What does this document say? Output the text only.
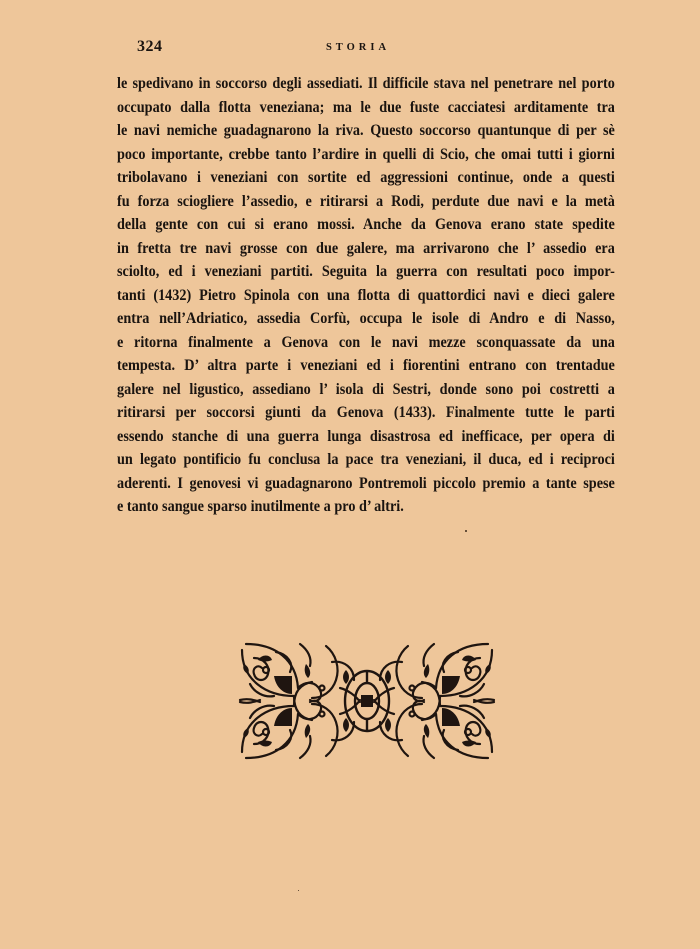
324	STORIA
le spedivano in soccorso degli assediati. Il difficile stava nel penetrare nel porto
occupato dalla flotta veneziana; ma le due fuste cacciatesi arditamente tra
le navi nemiche guadagnarono la riva. Questo soccorso quantunque di per sè
poco importante, crebbe tanto l’ardire in quelli di Scio, che omai tutti i giorni
tribolavano i veneziani con sortite ed aggressioni continue, onde a questi
fu forza sciogliere l’assedio, e ritirarsi a Rodi, perdute due navi e la metà
della gente con cui si erano mossi. Anche da Genova erano state spedite
in fretta tre navi grosse con due galere, ma arrivarono che l’ assedio era
sciolto, ed i veneziani partiti. Seguita la guerra con resultati poco impor-
tanti (1432) Pietro Spinola con una flotta di quattordici navi e dieci galere
entra nell’Adriatico, assedia Corfù, occupa le isole di Andro e di Nasso,
e ritorna finalmente a Genova con le navi mezze sconquassate da una
tempesta. D’ altra parte i veneziani ed i fiorentini entrano con trentadue
galere nel ligustico, assediano l’ isola di Sestri, donde sono poi costretti a
ritirarsi per soccorsi giunti da Genova (1433). Finalmente tutte le parti
essendo stanche di una guerra lunga disastrosa ed inefficace, per opera di
un legato pontificio fu conclusa la pace tra veneziani, il duca, ed i reciproci
aderenti. I genovesi vi guadagnarono Pontremoli piccolo premio a tante spese
e tanto sangue sparso inutilmente a pro d’ altri.
